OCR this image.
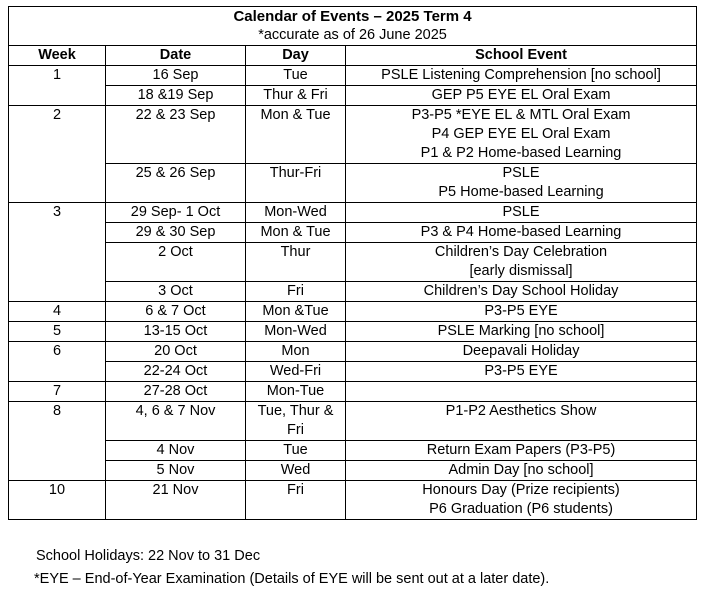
Calendar of Events – 2025 Term 4
*accurate as of 26 June 2025			

Week	Date	Day	School Event
1	16 Sep	Tue	PSLE Listening Comprehension [no school]

	18 &19 Sep	Thur & Fri	GEP P5 EYE EL Oral Exam

2	22 & 23 Sep	Mon & Tue	P3-P5 *EYE EL & MTL Oral Exam
P4 GEP EYE EL Oral Exam
P1 & P2 Home-based Learning

	25 & 26 Sep	Thur-Fri	PSLE
P5 Home-based Learning

3	29 Sep- 1 Oct	Mon-Wed	PSLE

	29 & 30 Sep	Mon & Tue	P3 & P4 Home-based Learning

	2 Oct	Thur	Children’s Day Celebration
[early dismissal]

	3 Oct	Fri	Children’s Day School Holiday

4	6 & 7 Oct	Mon &Tue	P3-P5 EYE

5	13-15 Oct	Mon-Wed	PSLE Marking [no school]

6	20 Oct	Mon	Deepavali Holiday

	22-24 Oct	Wed-Fri	P3-P5 EYE

7	27-28 Oct	Mon-Tue	
8	4, 6 & 7 Nov	Tue, Thur & Fri	P1-P2 Aesthetics Show

	4 Nov	Tue	Return Exam Papers (P3-P5)

	5 Nov	Wed	Admin Day [no school]

10	21 Nov	Fri	Honours Day (Prize recipients)
P6 Graduation (P6 students)
School Holidays: 22 Nov to 31 Dec
*EYE – End-of-Year Examination (Details of EYE will be sent out at a later date).
